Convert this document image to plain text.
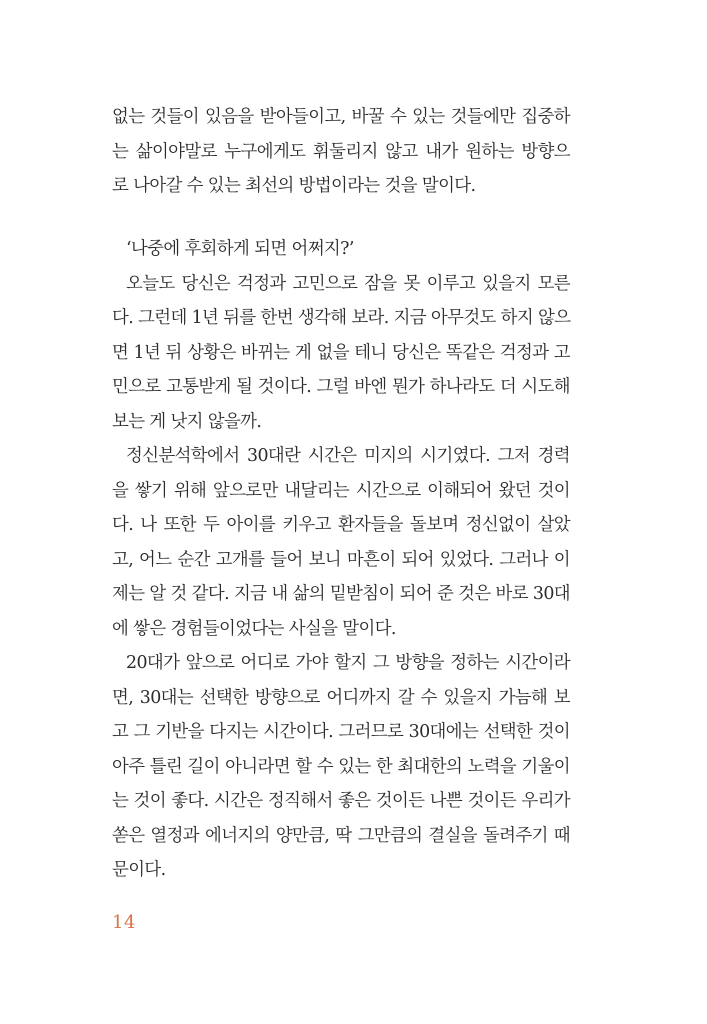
없는 것들이 있음을 받아들이고, 바꿀 수 있는 것들에만 집중하
는 삶이야말로 누구에게도 휘둘리지 않고 내가 원하는 방향으
로 나아갈 수 있는 최선의 방법이라는 것을 말이다.
‘나중에 후회하게 되면 어쩌지?’
오늘도 당신은 걱정과 고민으로 잠을 못 이루고 있을지 모른
다. 그런데 1년 뒤를 한번 생각해 보라. 지금 아무것도 하지 않으
면 1년 뒤 상황은 바뀌는 게 없을 테니 당신은 똑같은 걱정과 고
민으로 고통받게 될 것이다. 그럴 바엔 뭔가 하나라도 더 시도해
보는 게 낫지 않을까.
정신분석학에서 30대란 시간은 미지의 시기였다. 그저 경력
을 쌓기 위해 앞으로만 내달리는 시간으로 이해되어 왔던 것이
다. 나 또한 두 아이를 키우고 환자들을 돌보며 정신없이 살았
고, 어느 순간 고개를 들어 보니 마흔이 되어 있었다. 그러나 이
제는 알 것 같다. 지금 내 삶의 밑받침이 되어 준 것은 바로 30대
에 쌓은 경험들이었다는 사실을 말이다.
20대가 앞으로 어디로 가야 할지 그 방향을 정하는 시간이라
면, 30대는 선택한 방향으로 어디까지 갈 수 있을지 가늠해 보
고 그 기반을 다지는 시간이다. 그러므로 30대에는 선택한 것이
아주 틀린 길이 아니라면 할 수 있는 한 최대한의 노력을 기울이
는 것이 좋다. 시간은 정직해서 좋은 것이든 나쁜 것이든 우리가
쏟은 열정과 에너지의 양만큼, 딱 그만큼의 결실을 돌려주기 때
문이다.
14
